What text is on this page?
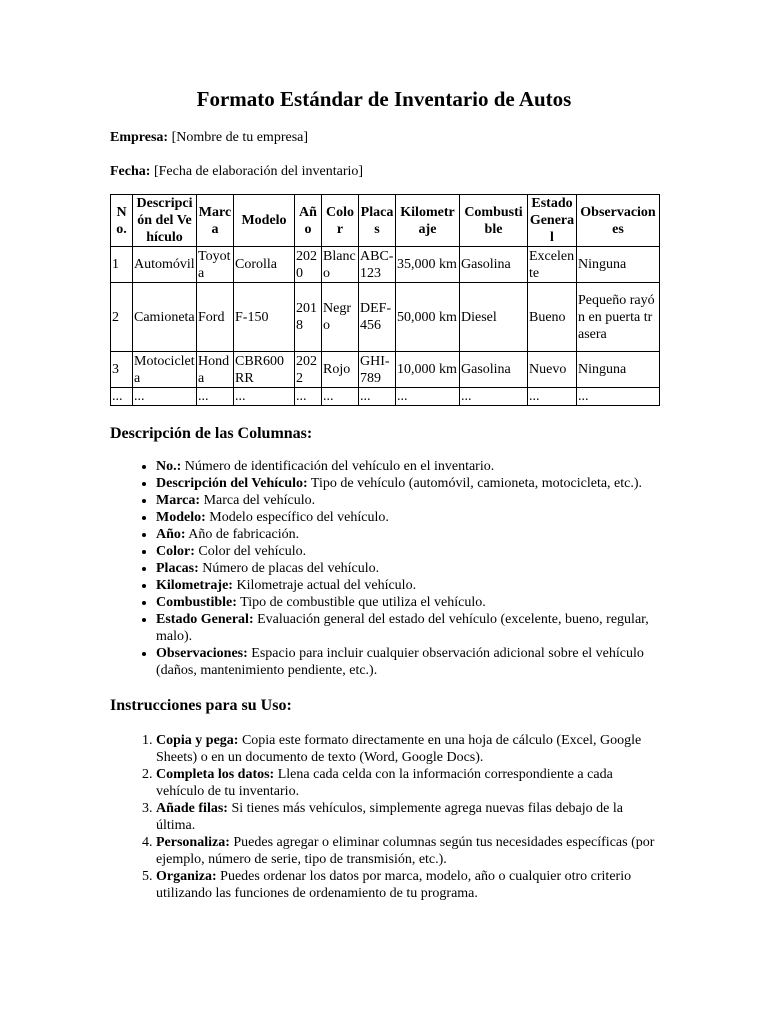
Formato Estándar de Inventario de Autos

Empresa: [Nombre de tu empresa]

Fecha: [Fecha de elaboración del inventario]

No.	Descripción del Vehículo	Marca	Modelo	Año	Color	Placas	Kilometraje	Combustible	Estado General	Observaciones
1	Automóvil	Toyota	Corolla	2020	Blanco	ABC-123	35,000 km	Gasolina	Excelente	Ninguna
2	Camioneta	Ford	F-150	2018	Negro	DEF-456	50,000 km	Diesel	Bueno	Pequeño rayón en puerta trasera
3	Motocicleta	Honda	CBR600RR	2022	Rojo	GHI-789	10,000 km	Gasolina	Nuevo	Ninguna
...	...	...	...	...	...	...	...	...	...	...
Descripción de las Columnas:
• No.: Número de identificación del vehículo en el inventario.
• Descripción del Vehículo: Tipo de vehículo (automóvil, camioneta, motocicleta, etc.).
• Marca: Marca del vehículo.
• Modelo: Modelo específico del vehículo.
• Año: Año de fabricación.
• Color: Color del vehículo.
• Placas: Número de placas del vehículo.
• Kilometraje: Kilometraje actual del vehículo.
• Combustible: Tipo de combustible que utiliza el vehículo.
• Estado General: Evaluación general del estado del vehículo (excelente, bueno, regular, malo).
• Observaciones: Espacio para incluir cualquier observación adicional sobre el vehículo (daños, mantenimiento pendiente, etc.).
Instrucciones para su Uso:
1. Copia y pega: Copia este formato directamente en una hoja de cálculo (Excel, Google Sheets) o en un documento de texto (Word, Google Docs).
2. Completa los datos: Llena cada celda con la información correspondiente a cada vehículo de tu inventario.
3. Añade filas: Si tienes más vehículos, simplemente agrega nuevas filas debajo de la última.
4. Personaliza: Puedes agregar o eliminar columnas según tus necesidades específicas (por ejemplo, número de serie, tipo de transmisión, etc.).
5. Organiza: Puedes ordenar los datos por marca, modelo, año o cualquier otro criterio utilizando las funciones de ordenamiento de tu programa.
